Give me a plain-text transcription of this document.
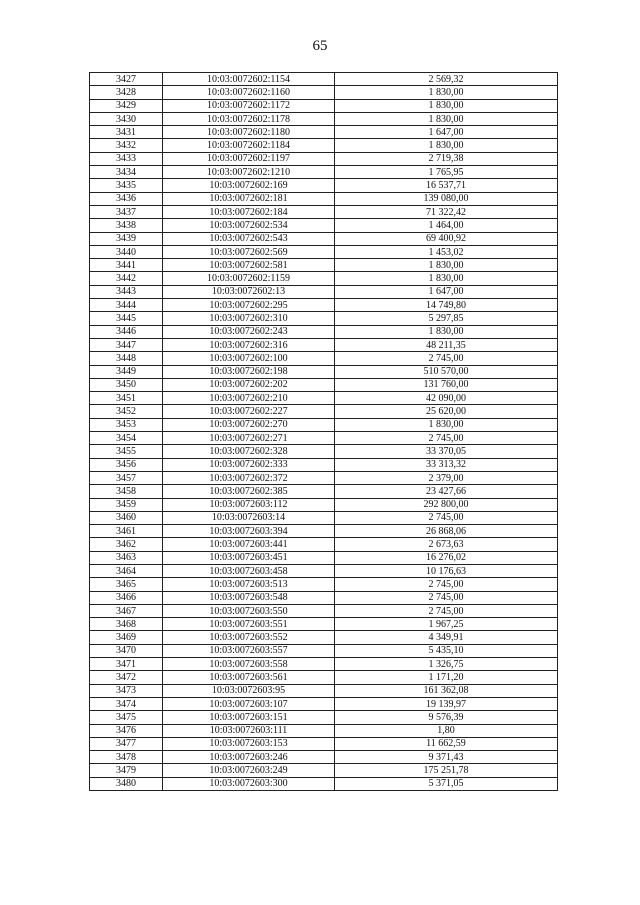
65
3427	10:03:0072602:1154	2 569,32
3428	10:03:0072602:1160	1 830,00
3429	10:03:0072602:1172	1 830,00
3430	10:03:0072602:1178	1 830,00
3431	10:03:0072602:1180	1 647,00
3432	10:03:0072602:1184	1 830,00
3433	10:03:0072602:1197	2 719,38
3434	10:03:0072602:1210	1 765,95
3435	10:03:0072602:169	16 537,71
3436	10:03:0072602:181	139 080,00
3437	10:03:0072602:184	71 322,42
3438	10:03:0072602:534	1 464,00
3439	10:03:0072602:543	69 400,92
3440	10:03:0072602:569	1 453,02
3441	10:03:0072602:581	1 830,00
3442	10:03:0072602:1159	1 830,00
3443	10:03:0072602:13	1 647,00
3444	10:03:0072602:295	14 749,80
3445	10:03:0072602:310	5 297,85
3446	10:03:0072602:243	1 830,00
3447	10:03:0072602:316	48 211,35
3448	10:03:0072602:100	2 745,00
3449	10:03:0072602:198	510 570,00
3450	10:03:0072602:202	131 760,00
3451	10:03:0072602:210	42 090,00
3452	10:03:0072602:227	25 620,00
3453	10:03:0072602:270	1 830,00
3454	10:03:0072602:271	2 745,00
3455	10:03:0072602:328	33 370,05
3456	10:03:0072602:333	33 313,32
3457	10:03:0072602:372	2 379,00
3458	10:03:0072602:385	23 427,66
3459	10:03:0072603:112	292 800,00
3460	10:03:0072603:14	2 745,00
3461	10:03:0072603:394	26 868,06
3462	10:03:0072603:441	2 673,63
3463	10:03:0072603:451	16 276,02
3464	10:03:0072603:458	10 176,63
3465	10:03:0072603:513	2 745,00
3466	10:03:0072603:548	2 745,00
3467	10:03:0072603:550	2 745,00
3468	10:03:0072603:551	1 967,25
3469	10:03:0072603:552	4 349,91
3470	10:03:0072603:557	5 435,10
3471	10:03:0072603:558	1 326,75
3472	10:03:0072603:561	1 171,20
3473	10:03:0072603:95	161 362,08
3474	10:03:0072603:107	19 139,97
3475	10:03:0072603:151	9 576,39
3476	10:03:0072603:111	1,80
3477	10:03:0072603:153	11 662,59
3478	10:03:0072603:246	9 371,43
3479	10:03:0072603:249	175 251,78
3480	10:03:0072603:300	5 371,05
